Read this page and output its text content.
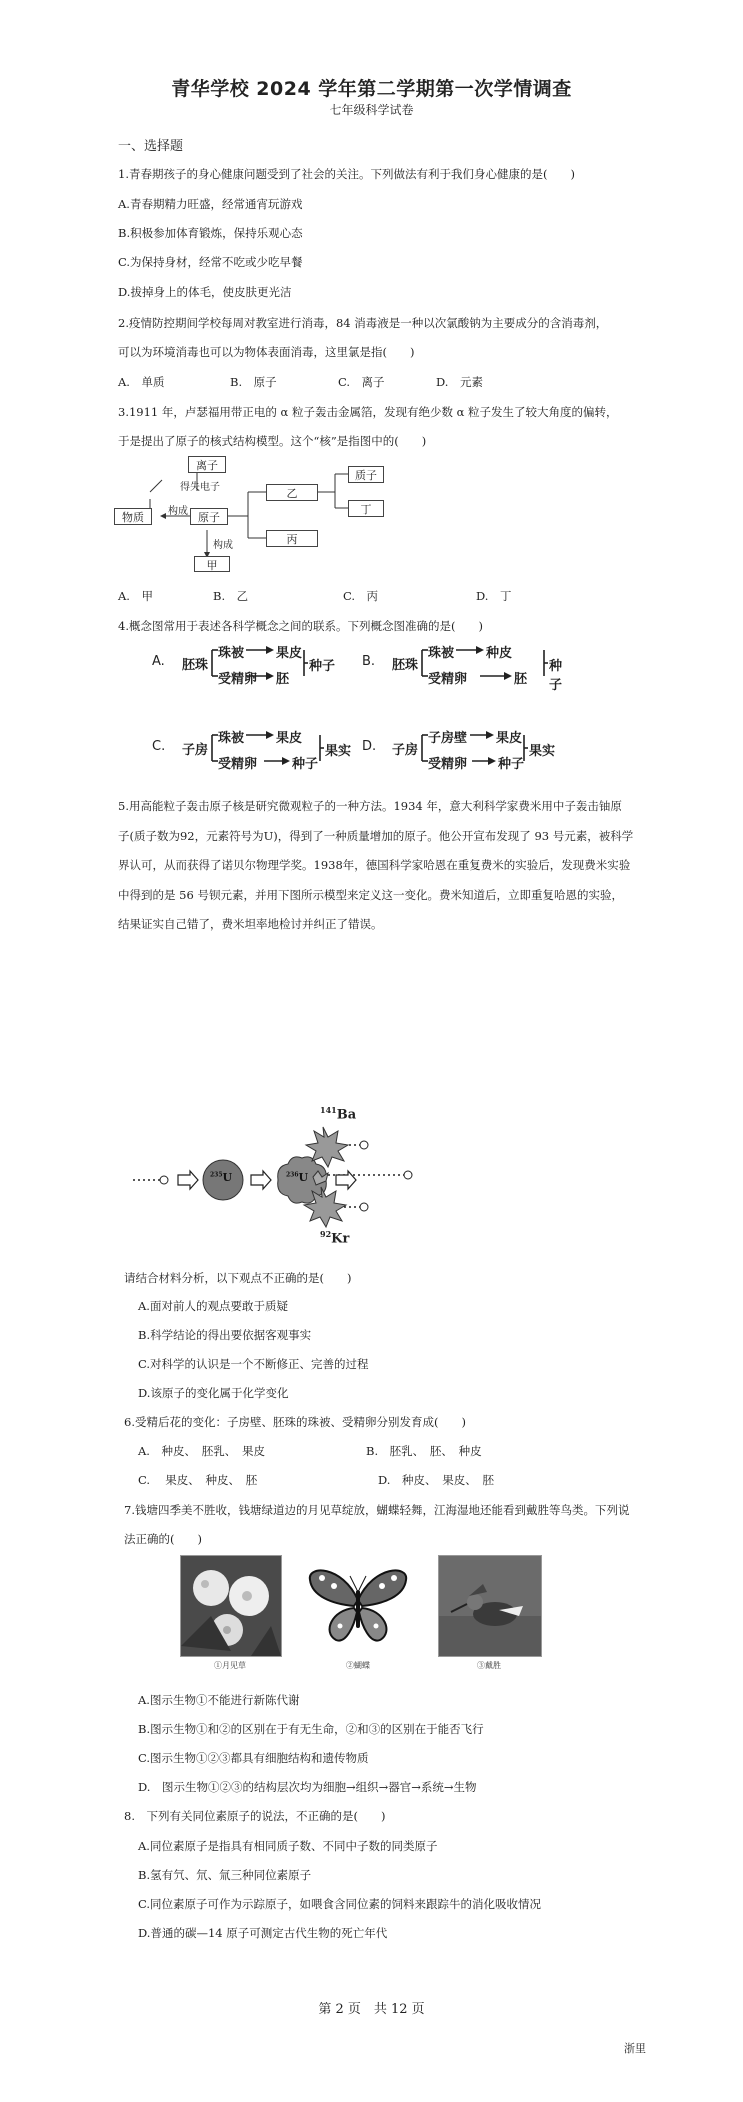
青华学校 2024 学年第二学期第一次学情调查
七年级科学试卷
一、选择题
1.青春期孩子的身心健康问题受到了社会的关注。下列做法有利于我们身心健康的是(　　)
A.青春期精力旺盛，经常通宵玩游戏
B.积极参加体育锻炼，保持乐观心态
C.为保持身材，经常不吃或少吃早餐
D.拔掉身上的体毛，使皮肤更光洁
2.疫情防控期间学校每周对教室进行消毒，84 消毒液是一种以次氯酸钠为主要成分的含消毒剂，
可以为环境消毒也可以为物体表面消毒，这里氯是指(　　)
A.　单质	B.　原子	C.　离子	D.　元素
3.1911 年，卢瑟福用带正电的 α 粒子轰击金属箔，发现有绝少数 α 粒子发生了较大角度的偏转，
于是提出了原子的核式结构模型。这个“核”是指图中的(　　)
离子
得失电子
物质	构成 原子
乙
丙
质子
丁
构成
甲
A.　甲	B.　乙	C.　丙	D.　丁
4.概念图常用于表述各科学概念之间的联系。下列概念图准确的是(　　)
A. 胚珠
珠被 果皮
受精卵 胚
种子 B. 胚珠
珠被 种皮
受精卵	胚
种子
C. 子房
珠被 果皮
受精卵	种子
果实 D. 子房
子房壁 果皮
受精卵 种子
果实
5.用高能粒子轰击原子核是研究微观粒子的一种方法。1934 年，意大利科学家费米用中子轰击铀原
子(质子数为92，元素符号为U)，得到了一种质量增加的原子。他公开宣布发现了 93 号元素，被科学
界认可，从而获得了诺贝尔物理学奖。1938年，德国科学家哈恩在重复费米的实验后，发现费米实验
中得到的是 56 号钡元素，并用下图所示模型来定义这一变化。费米知道后，立即重复哈恩的实验，
结果证实自己错了，费米坦率地检讨并纠正了错误。
$^{141}$Ba
$^{235}$U	$^{236}$U
$^{92}$Kr
请结合材料分析，以下观点不正确的是(　　)
A.面对前人的观点要敢于质疑
B.科学结论的得出要依据客观事实
C.对科学的认识是一个不断修正、完善的过程
D.该原子的变化属于化学变化
6.受精后花的变化：子房壁、胚珠的珠被、受精卵分别发育成(　　)
A.　种皮、　胚乳、　果皮	B.　胚乳、　胚、　种皮
C.　 果皮、　种皮、　胚	D.　种皮、　果皮、　胚
7.钱塘四季美不胜收，钱塘绿道边的月见草绽放，蝴蝶轻舞，江海湿地还能看到戴胜等鸟类。下列说
法正确的(　　)
①月见草	②蝴蝶	③戴胜
A.图示生物①不能进行新陈代谢
B.图示生物①和②的区别在于有无生命，②和③的区别在于能否飞行
C.图示生物①②③都具有细胞结构和遗传物质
D.　图示生物①②③的结构层次均为细胞→组织→器官→系统→生物
8.　下列有关同位素原子的说法，不正确的是(　　)
A.同位素原子是指具有相同质子数、不同中子数的同类原子
B.氢有氕、氘、氚三种同位素原子
C.同位素原子可作为示踪原子，如喂食含同位素的饲料来跟踪牛的消化吸收情况
D.普通的碳—14 原子可测定古代生物的死亡年代
第 2 页　共 12 页
浙里
